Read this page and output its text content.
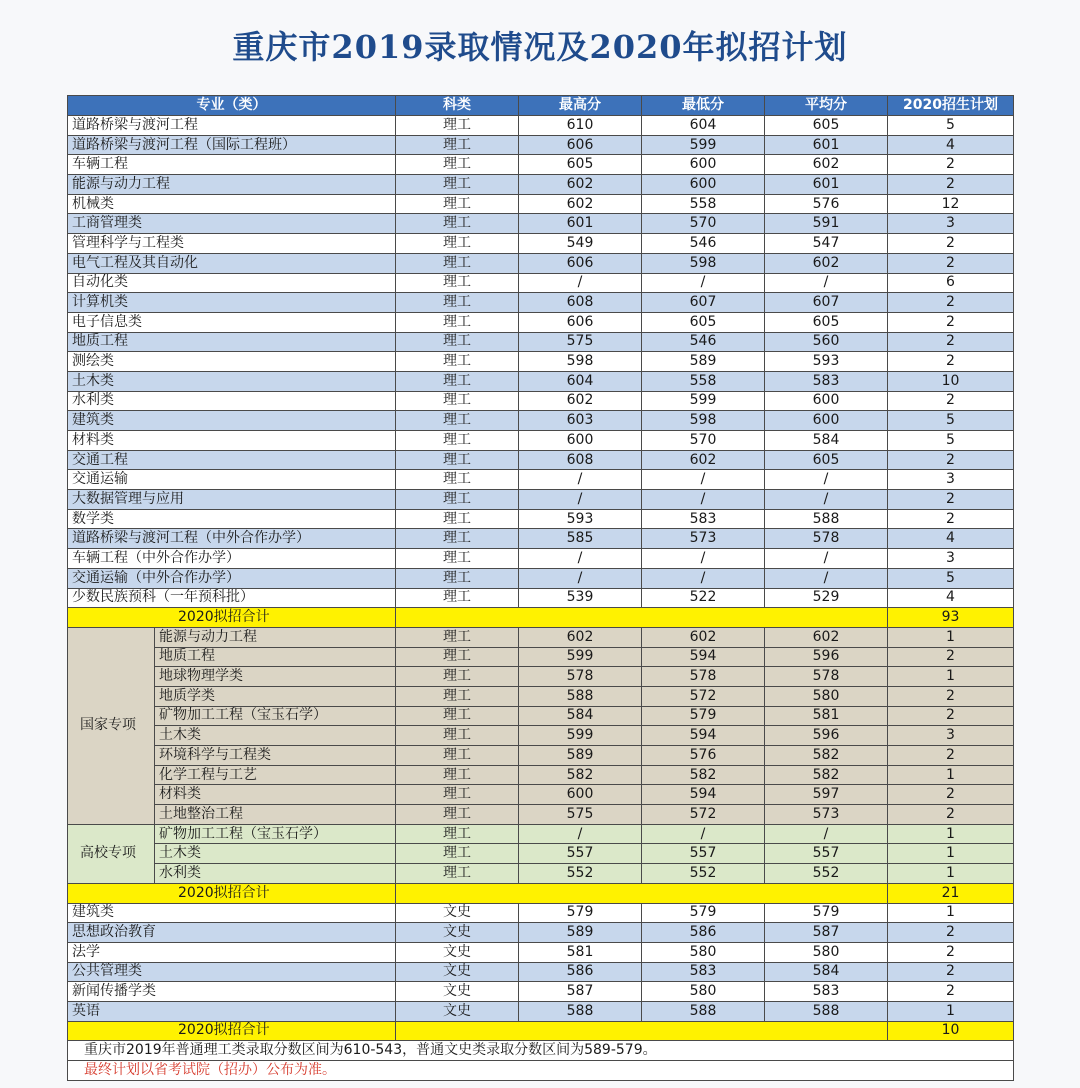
重庆市2019录取情况及2020年拟招计划
专业（类）		科类	最高分	最低分	平均分	2020招生计划
道路桥梁与渡河工程		理工	610	604	605	5
道路桥梁与渡河工程（国际工程班）		理工	606	599	601	4
车辆工程		理工	605	600	602	2
能源与动力工程		理工	602	600	601	2
机械类		理工	602	558	576	12
工商管理类		理工	601	570	591	3
管理科学与工程类		理工	549	546	547	2
电气工程及其自动化		理工	606	598	602	2
自动化类		理工	/	/	/	6
计算机类		理工	608	607	607	2
电子信息类		理工	606	605	605	2
地质工程		理工	575	546	560	2
测绘类		理工	598	589	593	2
土木类		理工	604	558	583	10
水利类		理工	602	599	600	2
建筑类		理工	603	598	600	5
材料类		理工	600	570	584	5
交通工程		理工	608	602	605	2
交通运输		理工	/	/	/	3
大数据管理与应用		理工	/	/	/	2
数学类		理工	593	583	588	2
道路桥梁与渡河工程（中外合作办学）		理工	585	573	578	4
车辆工程（中外合作办学）		理工	/	/	/	3
交通运输（中外合作办学）		理工	/	/	/	5
少数民族预科（一年预科批）		理工	539	522	529	4
2020拟招合计						93
国家专项	能源与动力工程	理工	602	602	602	1
	地质工程	理工	599	594	596	2
	地球物理学类	理工	578	578	578	1
	地质学类	理工	588	572	580	2
	矿物加工工程（宝玉石学）	理工	584	579	581	2
	土木类	理工	599	594	596	3
	环境科学与工程类	理工	589	576	582	2
	化学工程与工艺	理工	582	582	582	1
	材料类	理工	600	594	597	2
	土地整治工程	理工	575	572	573	2
高校专项	矿物加工工程（宝玉石学）	理工	/	/	/	1
	土木类	理工	557	557	557	1
	水利类	理工	552	552	552	1
2020拟招合计						21
建筑类		文史	579	579	579	1
思想政治教育		文史	589	586	587	2
法学		文史	581	580	580	2
公共管理类		文史	586	583	584	2
新闻传播学类		文史	587	580	583	2
英语		文史	588	588	588	1
2020拟招合计						10
重庆市2019年普通理工类录取分数区间为610-543，普通文史类录取分数区间为589-579。						
最终计划以省考试院（招办）公布为准。						
